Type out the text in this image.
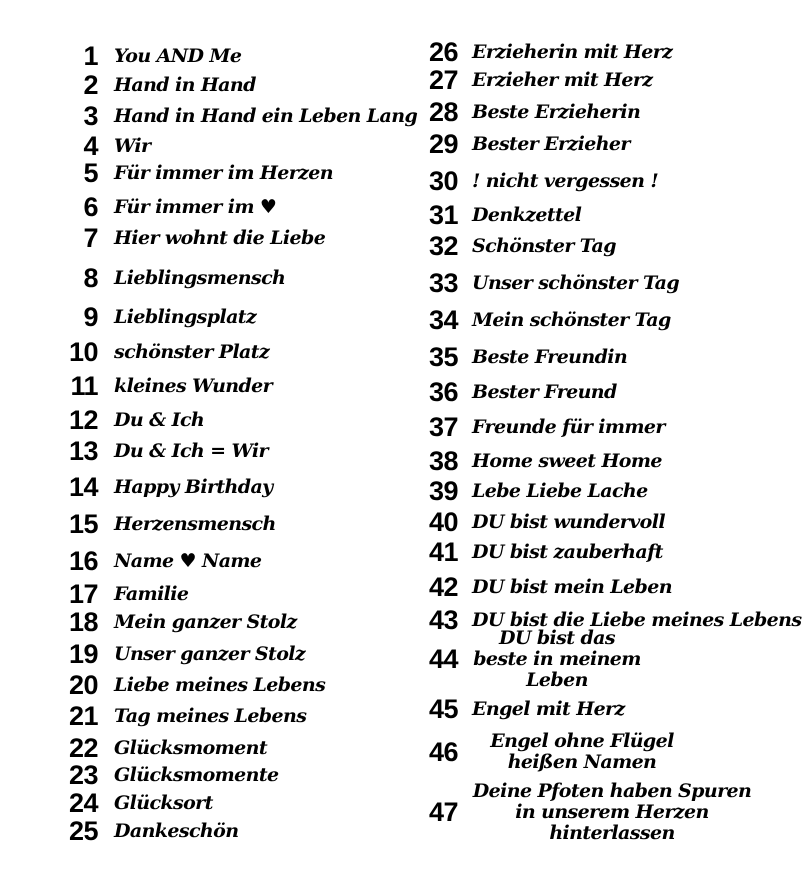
1 You AND Me
2 Hand in Hand
3 Hand in Hand ein Leben Lang
4 Wir
5 Für immer im Herzen
6 Für immer im ♥
7 Hier wohnt die Liebe
8 Lieblingsmensch
9 Lieblingsplatz
10 schönster Platz
11 kleines Wunder
12 Du & Ich
13 Du & Ich = Wir
14 Happy Birthday
15 Herzensmensch
16 Name ♥ Name
17 Familie
18 Mein ganzer Stolz
19 Unser ganzer Stolz
20 Liebe meines Lebens
21 Tag meines Lebens
22 Glücksmoment
23 Glücksmomente
24 Glücksort
25 Dankeschön
26 Erzieherin mit Herz
27 Erzieher mit Herz
28 Beste Erzieherin
29 Bester Erzieher
30 ! nicht vergessen !
31 Denkzettel
32 Schönster Tag
33 Unser schönster Tag
34 Mein schönster Tag
35 Beste Freundin
36 Bester Freund
37 Freunde für immer
38 Home sweet Home
39 Lebe Liebe Lache
40 DU bist wundervoll
41 DU bist zauberhaft
42 DU bist mein Leben
43 DU bist die Liebe meines Lebens
44
DU bist das beste in meinem Leben
45 Engel mit Herz
46	Engel ohne Flügel heißen Namen
47
Deine Pfoten haben Spuren in unserem Herzen hinterlassen
